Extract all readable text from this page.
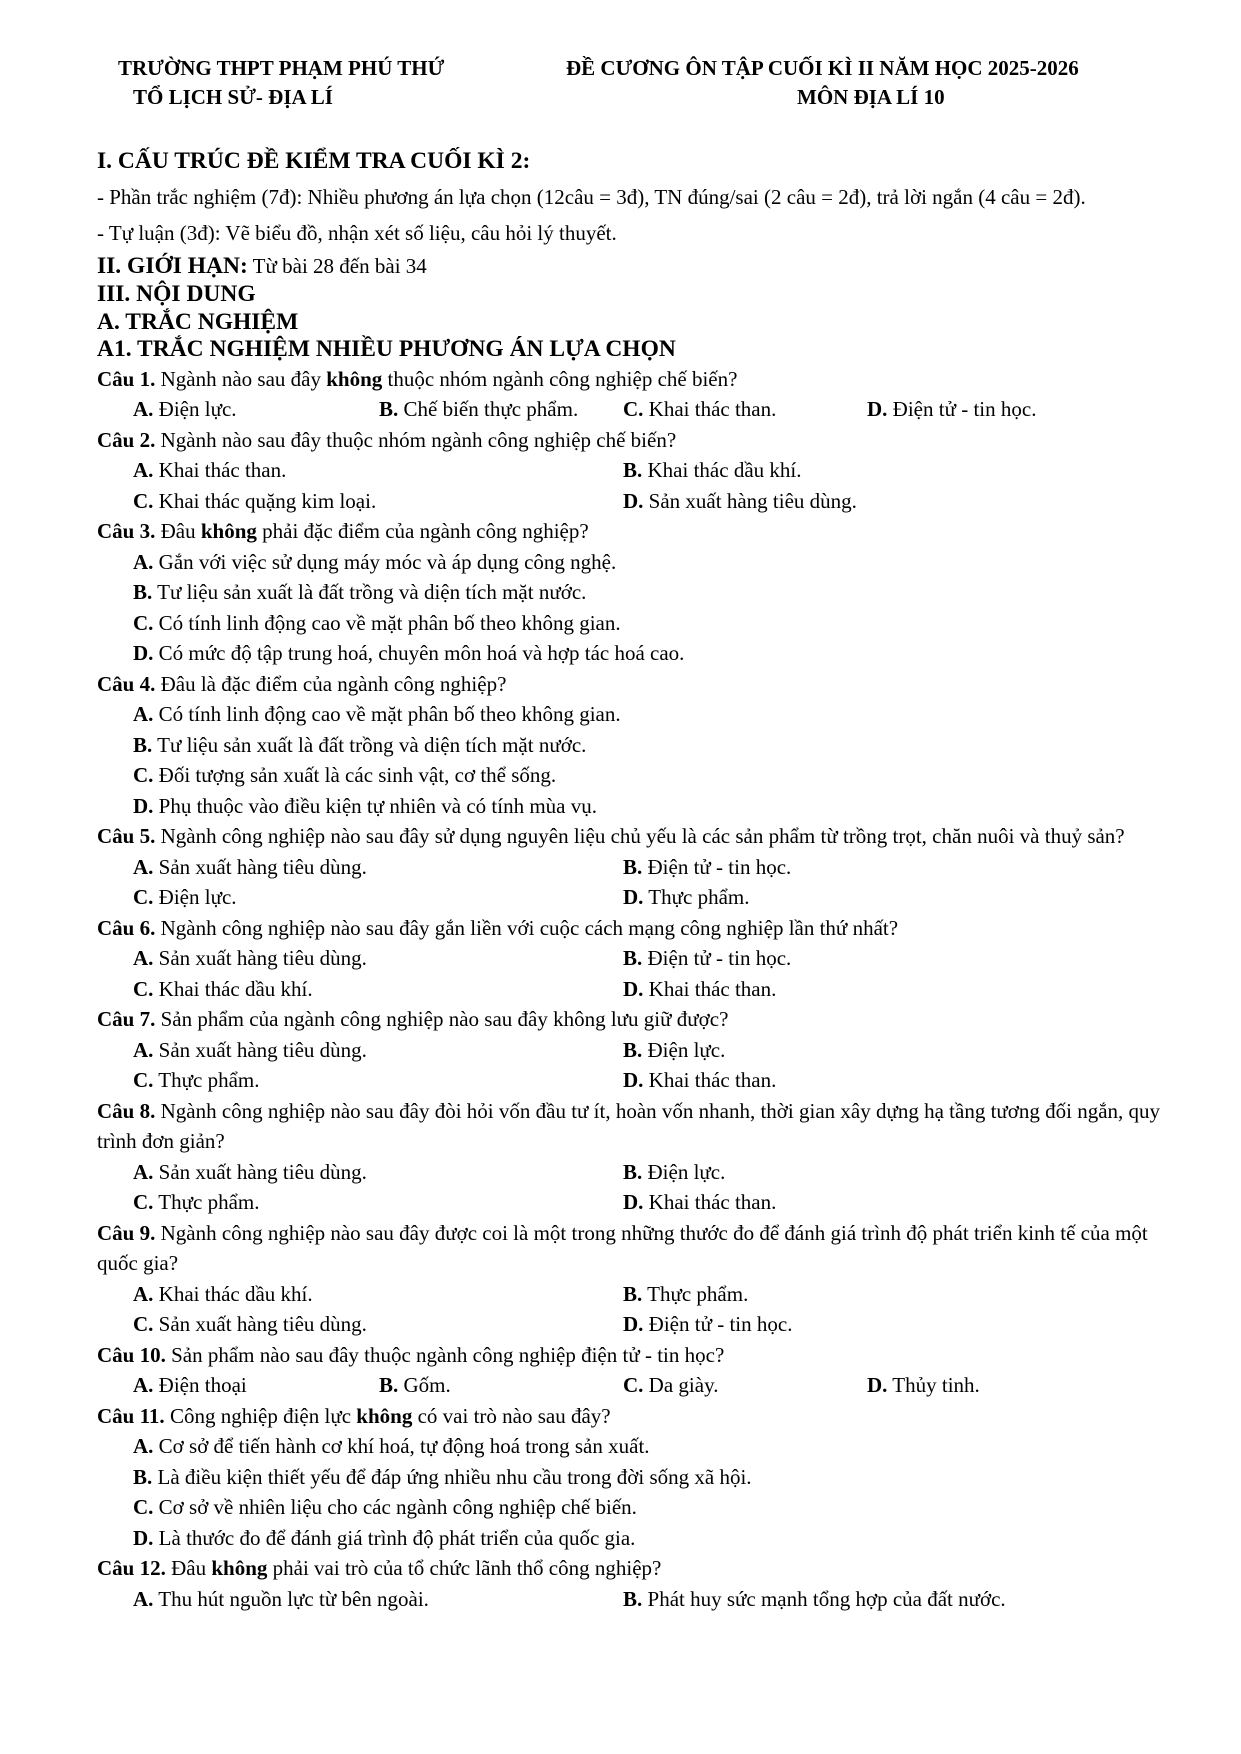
TRƯỜNG THPT PHẠM PHÚ THỨ
TỔ LỊCH SỬ- ĐỊA LÍ
ĐỀ CƯƠNG ÔN TẬP CUỐI KÌ II NĂM HỌC 2025-2026
MÔN ĐỊA LÍ 10
I. CẤU TRÚC ĐỀ KIỂM TRA CUỐI KÌ 2:
- Phần trắc nghiệm (7đ): Nhiều phương án lựa chọn (12câu = 3đ), TN đúng/sai (2 câu = 2đ), trả lời ngắn (4 câu = 2đ).
- Tự luận (3đ): Vẽ biểu đồ, nhận xét số liệu, câu hỏi lý thuyết.
II. GIỚI HẠN: Từ bài 28 đến bài 34
III. NỘI DUNG
A. TRẮC NGHIỆM
A1. TRẮC NGHIỆM NHIỀU PHƯƠNG ÁN LỰA CHỌN
Câu 1. Ngành nào sau đây không thuộc nhóm ngành công nghiệp chế biến?
A. Điện lực.	B. Chế biến thực phẩm. C. Khai thác than.	D. Điện tử - tin học.
Câu 2. Ngành nào sau đây thuộc nhóm ngành công nghiệp chế biến?
A. Khai thác than.	B. Khai thác dầu khí.
C. Khai thác quặng kim loại.	D. Sản xuất hàng tiêu dùng.
Câu 3. Đâu không phải đặc điểm của ngành công nghiệp?
A. Gắn với việc sử dụng máy móc và áp dụng công nghệ.
B. Tư liệu sản xuất là đất trồng và diện tích mặt nước.
C. Có tính linh động cao về mặt phân bố theo không gian.
D. Có mức độ tập trung hoá, chuyên môn hoá và hợp tác hoá cao.
Câu 4. Đâu là đặc điểm của ngành công nghiệp?
A. Có tính linh động cao về mặt phân bố theo không gian.
B. Tư liệu sản xuất là đất trồng và diện tích mặt nước.
C. Đối tượng sản xuất là các sinh vật, cơ thể sống.
D. Phụ thuộc vào điều kiện tự nhiên và có tính mùa vụ.
Câu 5. Ngành công nghiệp nào sau đây sử dụng nguyên liệu chủ yếu là các sản phẩm từ trồng trọt, chăn nuôi và thuỷ sản?
A. Sản xuất hàng tiêu dùng.	B. Điện tử - tin học.
C. Điện lực.	D. Thực phẩm.
Câu 6. Ngành công nghiệp nào sau đây gắn liền với cuộc cách mạng công nghiệp lần thứ nhất?
A. Sản xuất hàng tiêu dùng.	B. Điện tử - tin học.
C. Khai thác dầu khí.	D. Khai thác than.
Câu 7. Sản phẩm của ngành công nghiệp nào sau đây không lưu giữ được?
A. Sản xuất hàng tiêu dùng.	B. Điện lực.
C. Thực phẩm.	D. Khai thác than.
Câu 8. Ngành công nghiệp nào sau đây đòi hỏi vốn đầu tư ít, hoàn vốn nhanh, thời gian xây dựng hạ tầng tương đối ngắn, quy trình đơn giản?
A. Sản xuất hàng tiêu dùng.	B. Điện lực.
C. Thực phẩm.	D. Khai thác than.
Câu 9. Ngành công nghiệp nào sau đây được coi là một trong những thước đo để đánh giá trình độ phát triển kinh tế của một quốc gia?
A. Khai thác dầu khí.	B. Thực phẩm.
C. Sản xuất hàng tiêu dùng.	D. Điện tử - tin học.
Câu 10. Sản phẩm nào sau đây thuộc ngành công nghiệp điện tử - tin học?
A. Điện thoại	B. Gốm.	C. Da giày.	D. Thủy tinh.
Câu 11. Công nghiệp điện lực không có vai trò nào sau đây?
A. Cơ sở để tiến hành cơ khí hoá, tự động hoá trong sản xuất.
B. Là điều kiện thiết yếu để đáp ứng nhiều nhu cầu trong đời sống xã hội.
C. Cơ sở về nhiên liệu cho các ngành công nghiệp chế biến.
D. Là thước đo để đánh giá trình độ phát triển của quốc gia.
Câu 12. Đâu không phải vai trò của tổ chức lãnh thổ công nghiệp?
A. Thu hút nguồn lực từ bên ngoài.	B. Phát huy sức mạnh tổng hợp của đất nước.
